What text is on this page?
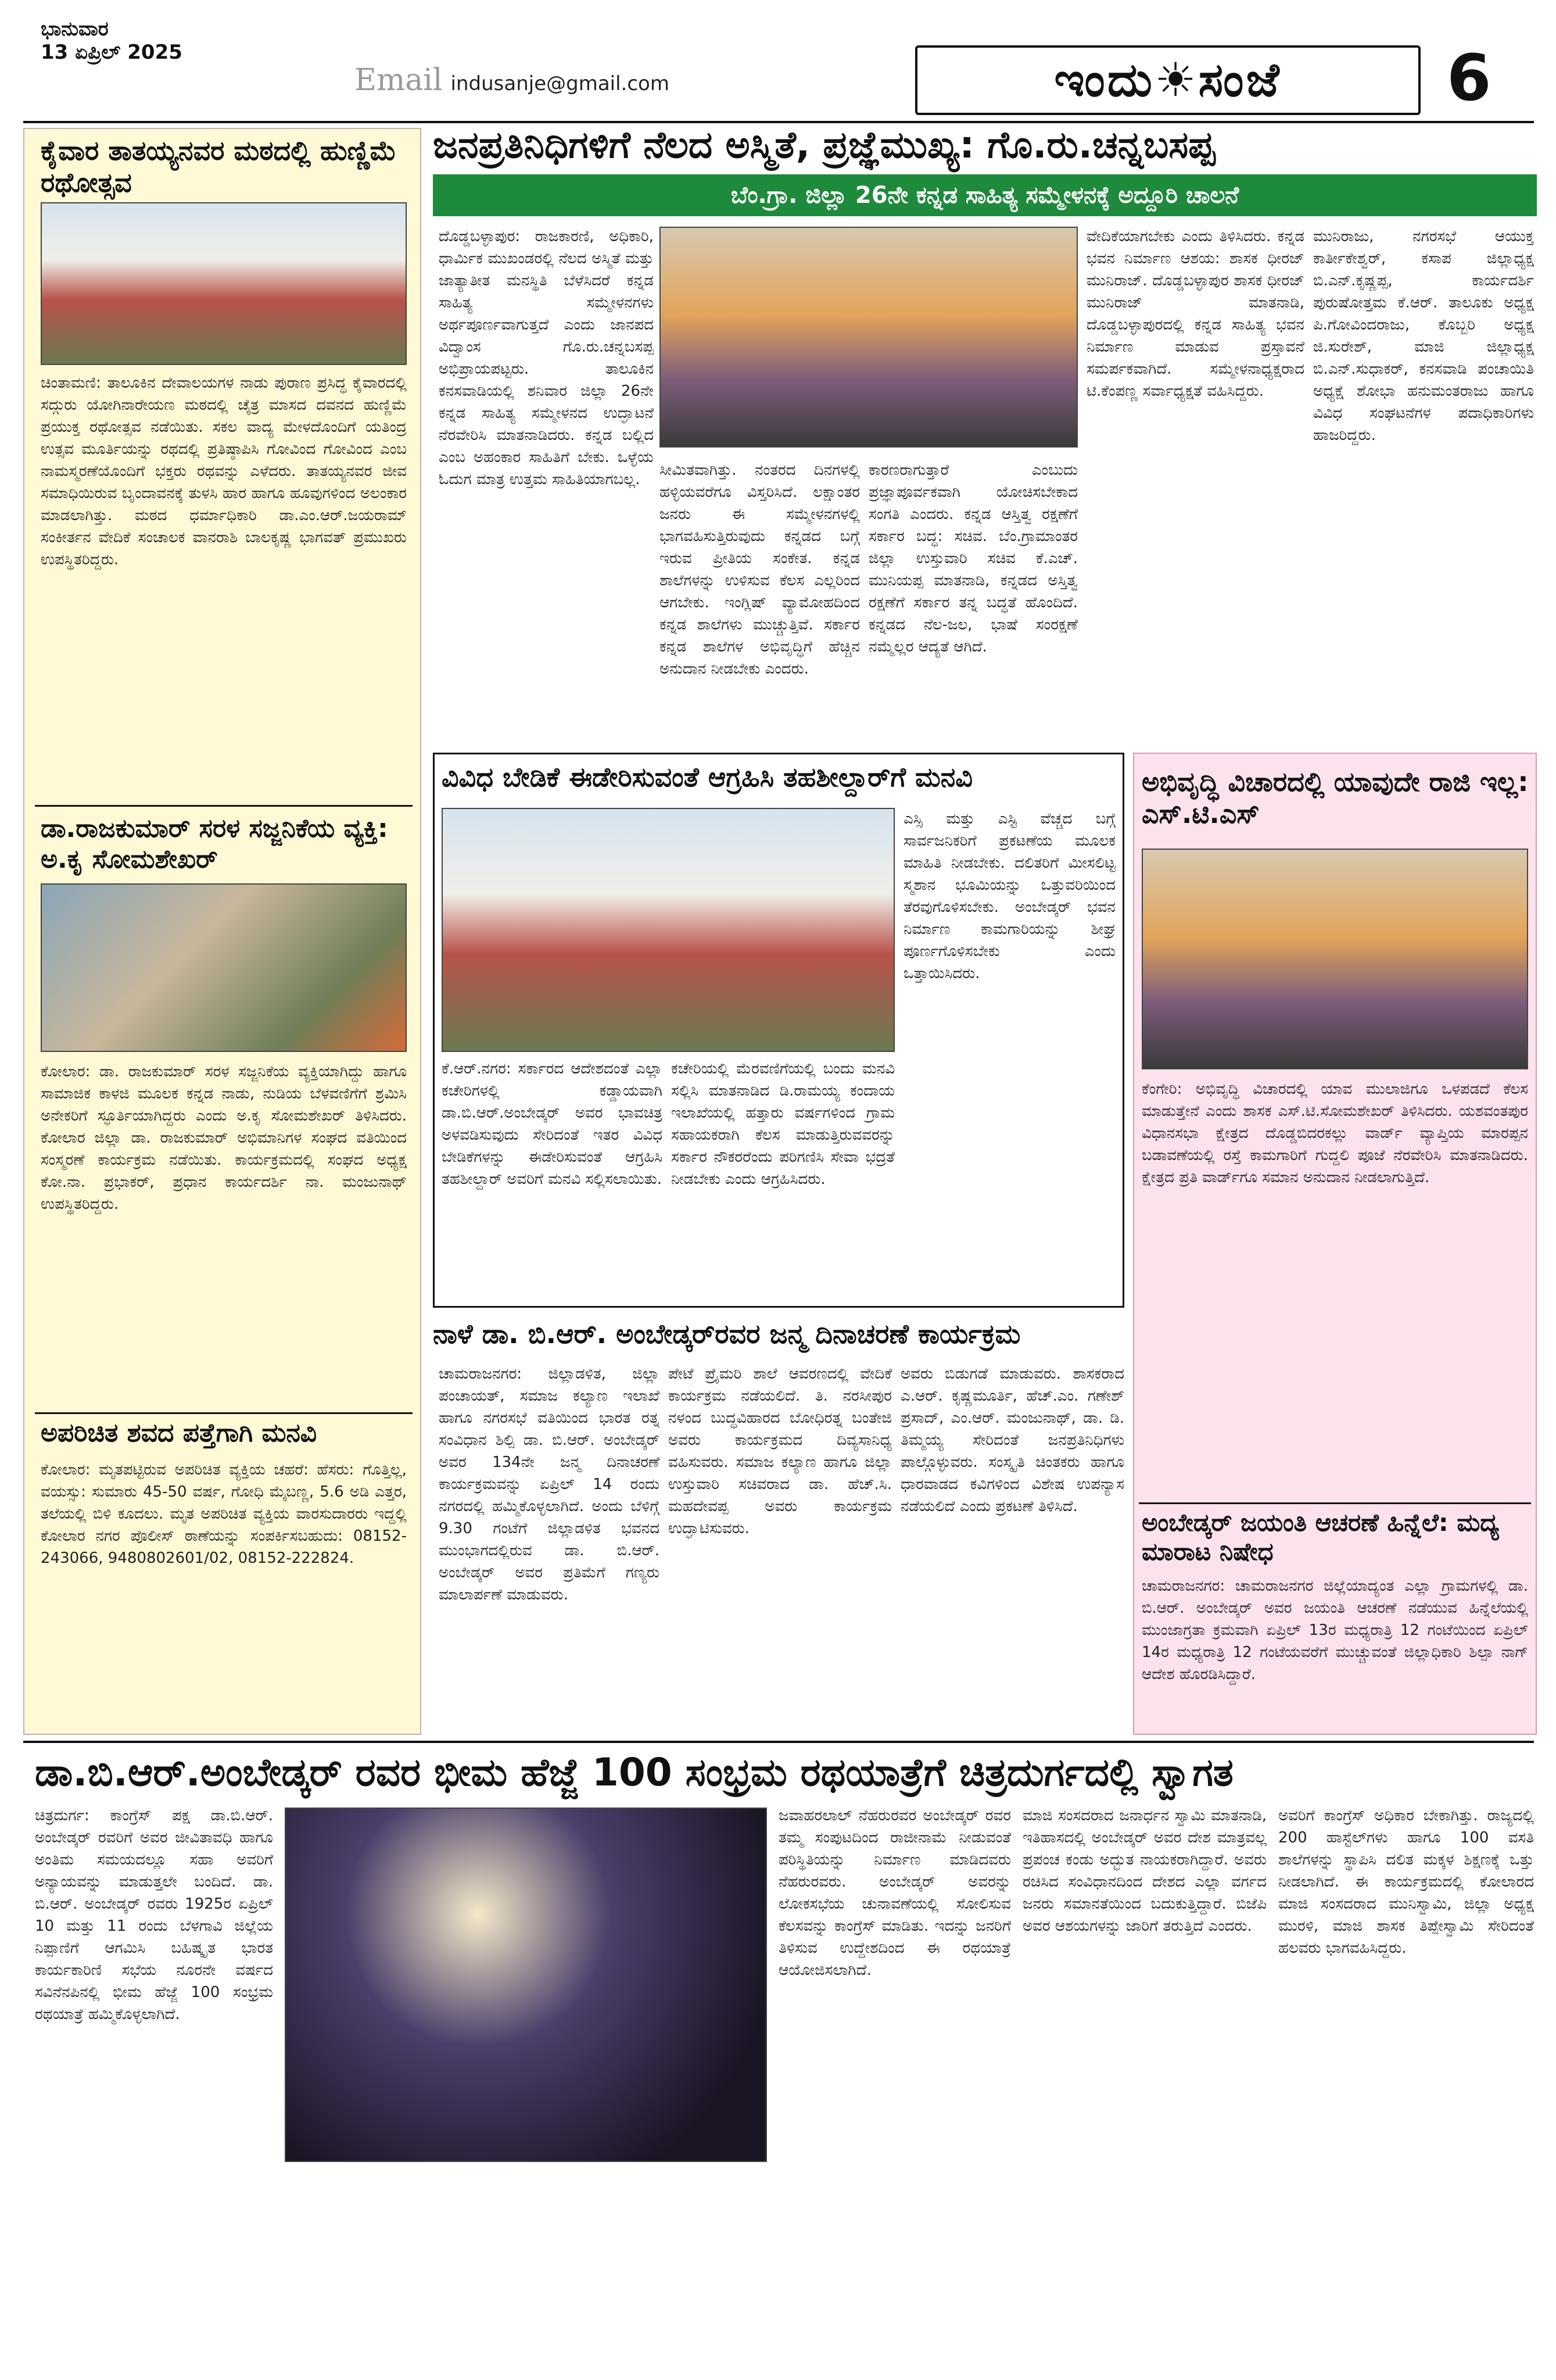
ಭಾನುವಾರ
13 ಏಪ್ರಿಲ್ 2025
Email indusanje@gmail.com	ಇಂದು☀ಸಂಜೆ	6
ಕೈವಾರ ತಾತಯ್ಯನವರ ಮಠದಲ್ಲಿ ಹುಣ್ಣಿಮೆ ರಥೋತ್ಸವ
ಚಿಂತಾಮಣಿ: ತಾಲೂಕಿನ ದೇವಾಲಯಗಳ ನಾಡು ಪುರಾಣ ಪ್ರಸಿದ್ಧ ಕೈವಾರದಲ್ಲಿ ಸದ್ಗುರು ಯೋಗಿನಾರೇಯಣ ಮಠದಲ್ಲಿ ಚೈತ್ರ ಮಾಸದ ದವನದ ಹುಣ್ಣಿಮೆ ಪ್ರಯುಕ್ತ ರಥೋತ್ಸವ ನಡೆಯಿತು. ಸಕಲ ವಾದ್ಯ ಮೇಳದೊಂದಿಗೆ ಯತಿಂದ್ರ ಉತ್ಸವ ಮೂರ್ತಿಯನ್ನು ರಥದಲ್ಲಿ ಪ್ರತಿಷ್ಠಾಪಿಸಿ ಗೋವಿಂದ ಗೋವಿಂದ ಎಂಬ ನಾಮಸ್ಮರಣೆಯೊಂದಿಗೆ ಭಕ್ತರು ರಥವನ್ನು ಎಳೆದರು. ತಾತಯ್ಯನವರ ಜೀವ ಸಮಾಧಿಯಿರುವ ಬೃಂದಾವನಕ್ಕೆ ತುಳಸಿ ಹಾರ ಹಾಗೂ ಹೂವುಗಳಿಂದ ಅಲಂಕಾರ ಮಾಡಲಾಗಿತ್ತು. ಮಠದ ಧರ್ಮಾಧಿಕಾರಿ ಡಾ.ಎಂ.ಆರ್.ಜಯರಾಮ್ ಸಂಕೀರ್ತನ ವೇದಿಕೆ ಸಂಚಾಲಕ ವಾನರಾಶಿ ಬಾಲಕೃಷ್ಣ ಭಾಗವತ್ ಪ್ರಮುಖರು ಉಪಸ್ಥಿತರಿದ್ದರು.
ಡಾ.ರಾಜಕುಮಾರ್ ಸರಳ ಸಜ್ಜನಿಕೆಯ ವ್ಯಕ್ತಿ: ಅ.ಕೃ ಸೋಮಶೇಖರ್
ಕೋಲಾರ: ಡಾ. ರಾಜಕುಮಾರ್ ಸರಳ ಸಜ್ಜನಿಕೆಯ ವ್ಯಕ್ತಿಯಾಗಿದ್ದು ಹಾಗೂ ಸಾಮಾಜಿಕ ಕಾಳಜಿ ಮೂಲಕ ಕನ್ನಡ ನಾಡು, ನುಡಿಯ ಬೆಳವಣಿಗೆಗೆ ಶ್ರಮಿಸಿ ಅನೇಕರಿಗೆ ಸ್ಫೂರ್ತಿಯಾಗಿದ್ದರು ಎಂದು ಅ.ಕೃ ಸೋಮಶೇಖರ್ ತಿಳಿಸಿದರು. ಕೋಲಾರ ಜಿಲ್ಲಾ ಡಾ. ರಾಜಕುಮಾರ್ ಅಭಿಮಾನಿಗಳ ಸಂಘದ ವತಿಯಿಂದ ಸಂಸ್ಮರಣೆ ಕಾರ್ಯಕ್ರಮ ನಡೆಯಿತು. ಕಾರ್ಯಕ್ರಮದಲ್ಲಿ ಸಂಘದ ಅಧ್ಯಕ್ಷ ಕೋ.ನಾ. ಪ್ರಭಾಕರ್, ಪ್ರಧಾನ ಕಾರ್ಯದರ್ಶಿ ನಾ. ಮಂಜುನಾಥ್ ಉಪಸ್ಥಿತರಿದ್ದರು.
ಅಪರಿಚಿತ ಶವದ ಪತ್ತೆಗಾಗಿ ಮನವಿ
ಕೋಲಾರ: ಮೃತಪಟ್ಟಿರುವ ಅಪರಿಚಿತ ವ್ಯಕ್ತಿಯ ಚಹರೆ: ಹೆಸರು: ಗೊತ್ತಿಲ್ಲ, ವಯಸ್ಸು: ಸುಮಾರು 45-50 ವರ್ಷ, ಗೋಧಿ ಮೈಬಣ್ಣ, 5.6 ಅಡಿ ಎತ್ತರ, ತಲೆಯಲ್ಲಿ ಬಿಳಿ ಕೂದಲು. ಮೃತ ಅಪರಿಚಿತ ವ್ಯಕ್ತಿಯ ವಾರಸುದಾರರು ಇದ್ದಲ್ಲಿ ಕೋಲಾರ ನಗರ ಪೊಲೀಸ್ ಠಾಣೆಯನ್ನು ಸಂಪರ್ಕಿಸಬಹುದು: 08152-243066, 9480802601/02, 08152-222824.
ಜನಪ್ರತಿನಿಧಿಗಳಿಗೆ ನೆಲದ ಅಸ್ಮಿತೆ, ಪ್ರಜ್ಞೆಮುಖ್ಯ: ಗೊ.ರು.ಚನ್ನಬಸಪ್ಪ
ಬೆಂ.ಗ್ರಾ. ಜಿಲ್ಲಾ 26ನೇ ಕನ್ನಡ ಸಾಹಿತ್ಯ ಸಮ್ಮೇಳನಕ್ಕೆ ಅದ್ದೂರಿ ಚಾಲನೆ
ದೊಡ್ಡಬಳ್ಳಾಪುರ: ರಾಜಕಾರಣಿ, ಅಧಿಕಾರಿ, ಧಾರ್ಮಿಕ ಮುಖಂಡರಲ್ಲಿ ನೆಲದ ಅಸ್ಮಿತೆ ಮತ್ತು ಜಾತ್ಯಾತೀತ ಮನಸ್ಥಿತಿ ಬೆಳೆಸಿದರೆ ಕನ್ನಡ ಸಾಹಿತ್ಯ ಸಮ್ಮೇಳನಗಳು ಅರ್ಥಪೂರ್ಣವಾಗುತ್ತದೆ ಎಂದು ಜಾನಪದ ವಿದ್ವಾಂಸ ಗೊ.ರು.ಚನ್ನಬಸಪ್ಪ ಅಭಿಪ್ರಾಯಪಟ್ಟರು. ತಾಲೂಕಿನ ಕನಸವಾಡಿಯಲ್ಲಿ ಶನಿವಾರ ಜಿಲ್ಲಾ 26ನೇ ಕನ್ನಡ ಸಾಹಿತ್ಯ ಸಮ್ಮೇಳನದ ಉದ್ಘಾಟನೆ ನೆರವೇರಿಸಿ ಮಾತನಾಡಿದರು. ಕನ್ನಡ ಬಲ್ಲಿದ ಎಂಬ ಅಹಂಕಾರ ಸಾಹಿತಿಗೆ ಬೇಕು. ಒಳ್ಳೆಯ ಓದುಗ ಮಾತ್ರ ಉತ್ತಮ ಸಾಹಿತಿಯಾಗಬಲ್ಲ.
ಸೀಮಿತವಾಗಿತ್ತು. ನಂತರದ ದಿನಗಳಲ್ಲಿ ಹಳ್ಳಿಯವರೆಗೂ ವಿಸ್ತರಿಸಿದೆ. ಲಕ್ಷಾಂತರ ಜನರು ಈ ಸಮ್ಮೇಳನಗಳಲ್ಲಿ ಭಾಗವಹಿಸುತ್ತಿರುವುದು ಕನ್ನಡದ ಬಗ್ಗೆ ಇರುವ ಪ್ರೀತಿಯ ಸಂಕೇತ. ಕನ್ನಡ ಶಾಲೆಗಳನ್ನು ಉಳಿಸುವ ಕೆಲಸ ಎಲ್ಲರಿಂದ ಆಗಬೇಕು. ಇಂಗ್ಲಿಷ್ ವ್ಯಾಮೋಹದಿಂದ ಕನ್ನಡ ಶಾಲೆಗಳು ಮುಚ್ಚುತ್ತಿವೆ. ಸರ್ಕಾರ ಕನ್ನಡ ಶಾಲೆಗಳ ಅಭಿವೃದ್ಧಿಗೆ ಹೆಚ್ಚಿನ ಅನುದಾನ ನೀಡಬೇಕು ಎಂದರು.
ಕಾರಣರಾಗುತ್ತಾರೆ ಎಂಬುದು ಪ್ರಜ್ಞಾಪೂರ್ವಕವಾಗಿ ಯೋಚಿಸಬೇಕಾದ ಸಂಗತಿ ಎಂದರು. ಕನ್ನಡ ಆಸ್ತಿತ್ವ ರಕ್ಷಣೆಗೆ ಸರ್ಕಾರ ಬದ್ಧ: ಸಚಿವ. ಬೆಂ.ಗ್ರಾಮಾಂತರ ಜಿಲ್ಲಾ ಉಸ್ತುವಾರಿ ಸಚಿವ ಕೆ.ಎಚ್. ಮುನಿಯಪ್ಪ ಮಾತನಾಡಿ, ಕನ್ನಡದ ಅಸ್ತಿತ್ವ ರಕ್ಷಣೆಗೆ ಸರ್ಕಾರ ತನ್ನ ಬದ್ಧತೆ ಹೊಂದಿದೆ. ಕನ್ನಡದ ನೆಲ-ಜಲ, ಭಾಷೆ ಸಂರಕ್ಷಣೆ ನಮ್ಮೆಲ್ಲರ ಆದ್ಯತೆ ಆಗಿದೆ.
ವೇದಿಕೆಯಾಗಬೇಕು ಎಂದು ತಿಳಿಸಿದರು. ಕನ್ನಡ ಭವನ ನಿರ್ಮಾಣ ಆಶಯ: ಶಾಸಕ ಧೀರಜ್ ಮುನಿರಾಜ್. ದೊಡ್ಡಬಳ್ಳಾಪುರ ಶಾಸಕ ಧೀರಜ್ ಮುನಿರಾಜ್ ಮಾತನಾಡಿ, ದೊಡ್ಡಬಳ್ಳಾಪುರದಲ್ಲಿ ಕನ್ನಡ ಸಾಹಿತ್ಯ ಭವನ ನಿರ್ಮಾಣ ಮಾಡುವ ಪ್ರಸ್ತಾವನೆ ಸಮರ್ಪಕವಾಗಿದೆ. ಸಮ್ಮೇಳನಾಧ್ಯಕ್ಷರಾದ ಟಿ.ಕೆಂಪಣ್ಣ ಸರ್ವಾಧ್ಯಕ್ಷತೆ ವಹಿಸಿದ್ದರು.
ಮುನಿರಾಜು, ನಗರಸಭೆ ಆಯುಕ್ತ ಕಾರ್ತೀಕೇಶ್ವರ್, ಕಸಾಪ ಜಿಲ್ಲಾಧ್ಯಕ್ಷ ಬಿ.ಎನ್.ಕೃಷ್ಣಪ್ಪ, ಕಾರ್ಯದರ್ಶಿ ಪುರುಷೋತ್ತಮ ಕೆ.ಆರ್. ತಾಲೂಕು ಅಧ್ಯಕ್ಷ ಪಿ.ಗೋವಿಂದರಾಜು, ಕೊಬ್ಬರಿ ಅಧ್ಯಕ್ಷ ಜಿ.ಸುರೇಶ್, ಮಾಜಿ ಜಿಲ್ಲಾಧ್ಯಕ್ಷ ಬಿ.ಎನ್.ಸುಧಾಕರ್, ಕನಸವಾಡಿ ಪಂಚಾಯಿತಿ ಅಧ್ಯಕ್ಷೆ ಶೋಭಾ ಹನುಮಂತರಾಜು ಹಾಗೂ ವಿವಿಧ ಸಂಘಟನೆಗಳ ಪದಾಧಿಕಾರಿಗಳು ಹಾಜರಿದ್ದರು.
ವಿವಿಧ ಬೇಡಿಕೆ ಈಡೇರಿಸುವಂತೆ ಆಗ್ರಹಿಸಿ ತಹಶೀಲ್ದಾರ್‌ಗೆ ಮನವಿ
ಕೆ.ಆರ್.ನಗರ: ಸರ್ಕಾರದ ಆದೇಶದಂತೆ ಎಲ್ಲಾ ಕಚೇರಿಗಳಲ್ಲಿ ಕಡ್ಡಾಯವಾಗಿ ಡಾ.ಬಿ.ಆರ್.ಅಂಬೇಡ್ಕರ್ ಅವರ ಭಾವಚಿತ್ರ ಅಳವಡಿಸುವುದು ಸೇರಿದಂತೆ ಇತರ ವಿವಿಧ ಬೇಡಿಕೆಗಳನ್ನು ಈಡೇರಿಸುವಂತೆ ಆಗ್ರಹಿಸಿ ತಹಶೀಲ್ದಾರ್ ಅವರಿಗೆ ಮನವಿ ಸಲ್ಲಿಸಲಾಯಿತು.
ಕಚೇರಿಯಲ್ಲಿ ಮೆರವಣಿಗೆಯಲ್ಲಿ ಬಂದು ಮನವಿ ಸಲ್ಲಿಸಿ ಮಾತನಾಡಿದ ಡಿ.ರಾಮಯ್ಯ ಕಂದಾಯ ಇಲಾಖೆಯಲ್ಲಿ ಹತ್ತಾರು ವರ್ಷಗಳಿಂದ ಗ್ರಾಮ ಸಹಾಯಕರಾಗಿ ಕೆಲಸ ಮಾಡುತ್ತಿರುವವರನ್ನು ಸರ್ಕಾರ ನೌಕರರೆಂದು ಪರಿಗಣಿಸಿ ಸೇವಾ ಭದ್ರತೆ ನೀಡಬೇಕು ಎಂದು ಆಗ್ರಹಿಸಿದರು.
ಎಸ್ಸಿ ಮತ್ತು ಎಸ್ಟಿ ವೆಚ್ಚದ ಬಗ್ಗೆ ಸಾರ್ವಜನಿಕರಿಗೆ ಪ್ರಕಟಣೆಯ ಮೂಲಕ ಮಾಹಿತಿ ನೀಡಬೇಕು. ದಲಿತರಿಗೆ ಮೀಸಲಿಟ್ಟ ಸ್ಮಶಾನ ಭೂಮಿಯನ್ನು ಒತ್ತುವರಿಯಿಂದ ತೆರವುಗೊಳಿಸಬೇಕು. ಅಂಬೇಡ್ಕರ್ ಭವನ ನಿರ್ಮಾಣ ಕಾಮಗಾರಿಯನ್ನು ಶೀಘ್ರ ಪೂರ್ಣಗೊಳಿಸಬೇಕು ಎಂದು ಒತ್ತಾಯಿಸಿದರು.
ಅಭಿವೃದ್ಧಿ ವಿಚಾರದಲ್ಲಿ ಯಾವುದೇ ರಾಜಿ ಇಲ್ಲ: ಎಸ್.ಟಿ.ಎಸ್
ಕೆಂಗೇರಿ: ಅಭಿವೃದ್ಧಿ ವಿಚಾರದಲ್ಲಿ ಯಾವ ಮುಲಾಜಿಗೂ ಒಳಪಡದೆ ಕೆಲಸ ಮಾಡುತ್ತೇನೆ ಎಂದು ಶಾಸಕ ಎಸ್.ಟಿ.ಸೋಮಶೇಖರ್ ತಿಳಿಸಿದರು. ಯಶವಂತಪುರ ವಿಧಾನಸಭಾ ಕ್ಷೇತ್ರದ ದೊಡ್ಡಬಿದರಕಲ್ಲು ವಾರ್ಡ್ ವ್ಯಾಪ್ತಿಯ ಮಾರಪ್ಪನ ಬಡಾವಣೆಯಲ್ಲಿ ರಸ್ತೆ ಕಾಮಗಾರಿಗೆ ಗುದ್ದಲಿ ಪೂಜೆ ನೆರವೇರಿಸಿ ಮಾತನಾಡಿದರು. ಕ್ಷೇತ್ರದ ಪ್ರತಿ ವಾರ್ಡ್‌ಗೂ ಸಮಾನ ಅನುದಾನ ನೀಡಲಾಗುತ್ತಿದೆ.
ಅಂಬೇಡ್ಕರ್ ಜಯಂತಿ ಆಚರಣೆ ಹಿನ್ನೆಲೆ: ಮದ್ಯ ಮಾರಾಟ ನಿಷೇಧ
ಚಾಮರಾಜನಗರ: ಚಾಮರಾಜನಗರ ಜಿಲ್ಲೆಯಾದ್ಯಂತ ಎಲ್ಲಾ ಗ್ರಾಮಗಳಲ್ಲಿ ಡಾ. ಬಿ.ಆರ್. ಅಂಬೇಡ್ಕರ್ ಅವರ ಜಯಂತಿ ಆಚರಣೆ ನಡೆಯುವ ಹಿನ್ನೆಲೆಯಲ್ಲಿ ಮುಂಜಾಗ್ರತಾ ಕ್ರಮವಾಗಿ ಏಪ್ರಿಲ್ 13ರ ಮಧ್ಯರಾತ್ರಿ 12 ಗಂಟೆಯಿಂದ ಏಪ್ರಿಲ್ 14ರ ಮಧ್ಯರಾತ್ರಿ 12 ಗಂಟೆಯವರೆಗೆ ಮುಚ್ಚುವಂತೆ ಜಿಲ್ಲಾಧಿಕಾರಿ ಶಿಲ್ಪಾ ನಾಗ್ ಆದೇಶ ಹೊರಡಿಸಿದ್ದಾರೆ.
ನಾಳೆ ಡಾ. ಬಿ.ಆರ್. ಅಂಬೇಡ್ಕರ್‌ರವರ ಜನ್ಮ ದಿನಾಚರಣೆ ಕಾರ್ಯಕ್ರಮ
ಚಾಮರಾಜನಗರ: ಜಿಲ್ಲಾಡಳಿತ, ಜಿಲ್ಲಾ ಪಂಚಾಯತ್, ಸಮಾಜ ಕಲ್ಯಾಣ ಇಲಾಖೆ ಹಾಗೂ ನಗರಸಭೆ ವತಿಯಿಂದ ಭಾರತ ರತ್ನ ಸಂವಿಧಾನ ಶಿಲ್ಪಿ ಡಾ. ಬಿ.ಆರ್. ಅಂಬೇಡ್ಕರ್ ಅವರ 134ನೇ ಜನ್ಮ ದಿನಾಚರಣೆ ಕಾರ್ಯಕ್ರಮವನ್ನು ಏಪ್ರಿಲ್ 14 ರಂದು ನಗರದಲ್ಲಿ ಹಮ್ಮಿಕೊಳ್ಳಲಾಗಿದೆ. ಅಂದು ಬೆಳಿಗ್ಗೆ 9.30 ಗಂಟೆಗೆ ಜಿಲ್ಲಾಡಳಿತ ಭವನದ ಮುಂಭಾಗದಲ್ಲಿರುವ ಡಾ. ಬಿ.ಆರ್. ಅಂಬೇಡ್ಕರ್ ಅವರ ಪ್ರತಿಮೆಗೆ ಗಣ್ಯರು ಮಾಲಾರ್ಪಣೆ ಮಾಡುವರು.
ಪೇಟೆ ಪ್ರೈಮರಿ ಶಾಲೆ ಆವರಣದಲ್ಲಿ ವೇದಿಕೆ ಕಾರ್ಯಕ್ರಮ ನಡೆಯಲಿದೆ. ತಿ. ನರಸೀಪುರ ನಳಂದ ಬುದ್ಧವಿಹಾರದ ಬೋಧಿರತ್ನ ಬಂತೇಜಿ ಅವರು ಕಾರ್ಯಕ್ರಮದ ದಿವ್ಯಸಾನಿಧ್ಯ ವಹಿಸುವರು. ಸಮಾಜ ಕಲ್ಯಾಣ ಹಾಗೂ ಜಿಲ್ಲಾ ಉಸ್ತುವಾರಿ ಸಚಿವರಾದ ಡಾ. ಹೆಚ್.ಸಿ. ಮಹದೇವಪ್ಪ ಅವರು ಕಾರ್ಯಕ್ರಮ ಉದ್ಘಾಟಿಸುವರು.
ಅವರು ಬಿಡುಗಡೆ ಮಾಡುವರು. ಶಾಸಕರಾದ ಎ.ಆರ್. ಕೃಷ್ಣಮೂರ್ತಿ, ಹೆಚ್.ಎಂ. ಗಣೇಶ್ ಪ್ರಸಾದ್, ಎಂ.ಆರ್. ಮಂಜುನಾಥ್, ಡಾ. ಡಿ. ತಿಮ್ಮಯ್ಯ ಸೇರಿದಂತೆ ಜನಪ್ರತಿನಿಧಿಗಳು ಪಾಲ್ಗೊಳ್ಳುವರು. ಸಂಸ್ಕೃತಿ ಚಿಂತಕರು ಹಾಗೂ ಧಾರವಾಡದ ಕವಿಗಳಿಂದ ವಿಶೇಷ ಉಪನ್ಯಾಸ ನಡೆಯಲಿದೆ ಎಂದು ಪ್ರಕಟಣೆ ತಿಳಿಸಿದೆ.
ಡಾ.ಬಿ.ಆರ್.ಅಂಬೇಡ್ಕರ್ ರವರ ಭೀಮ ಹೆಜ್ಜೆ 100 ಸಂಭ್ರಮ ರಥಯಾತ್ರೆಗೆ ಚಿತ್ರದುರ್ಗದಲ್ಲಿ ಸ್ವಾಗತ
ಚಿತ್ರದುರ್ಗ: ಕಾಂಗ್ರೆಸ್ ಪಕ್ಷ ಡಾ.ಬಿ.ಆರ್. ಅಂಬೇಡ್ಕರ್ ರವರಿಗೆ ಅವರ ಜೀವಿತಾವಧಿ ಹಾಗೂ ಅಂತಿಮ ಸಮಯದಲ್ಲೂ ಸಹಾ ಅವರಿಗೆ ಅನ್ಯಾಯವನ್ನು ಮಾಡುತ್ತಲೇ ಬಂದಿದೆ. ಡಾ. ಬಿ.ಆರ್. ಅಂಬೇಡ್ಕರ್ ರವರು 1925ರ ಏಪ್ರಿಲ್ 10 ಮತ್ತು 11 ರಂದು ಬೆಳಗಾವಿ ಜಿಲ್ಲೆಯ ನಿಪ್ಪಾಣಿಗೆ ಆಗಮಿಸಿ ಬಹಿಷ್ಕೃತ ಭಾರತ ಕಾರ್ಯಕಾರಿಣಿ ಸಭೆಯ ನೂರನೇ ವರ್ಷದ ಸವಿನೆನಪಿನಲ್ಲಿ ಭೀಮ ಹೆಜ್ಜೆ 100 ಸಂಭ್ರಮ ರಥಯಾತ್ರೆ ಹಮ್ಮಿಕೊಳ್ಳಲಾಗಿದೆ.
ಜವಾಹರಲಾಲ್ ನೆಹರುರವರ ಅಂಬೇಡ್ಕರ್ ರವರ ತಮ್ಮ ಸಂಪುಟದಿಂದ ರಾಜೀನಾಮೆ ನೀಡುವಂತೆ ಪರಿಸ್ಥಿತಿಯನ್ನು ನಿರ್ಮಾಣ ಮಾಡಿದವರು ನೆಹರುರವರು. ಅಂಬೇಡ್ಕರ್ ಅವರನ್ನು ಲೋಕಸಭೆಯ ಚುನಾವಣೆಯಲ್ಲಿ ಸೋಲಿಸುವ ಕೆಲಸವನ್ನು ಕಾಂಗ್ರೆಸ್ ಮಾಡಿತು. ಇದನ್ನು ಜನರಿಗೆ ತಿಳಿಸುವ ಉದ್ದೇಶದಿಂದ ಈ ರಥಯಾತ್ರೆ ಆಯೋಜಿಸಲಾಗಿದೆ.
ಮಾಜಿ ಸಂಸದರಾದ ಜನಾರ್ಧನ ಸ್ವಾಮಿ ಮಾತನಾಡಿ, ಇತಿಹಾಸದಲ್ಲಿ ಅಂಬೇಡ್ಕರ್ ಅವರ ದೇಶ ಮಾತ್ರವಲ್ಲ ಪ್ರಪಂಚ ಕಂಡು ಅದ್ಭುತ ನಾಯಕರಾಗಿದ್ದಾರೆ. ಅವರು ರಚಿಸಿದ ಸಂವಿಧಾನದಿಂದ ದೇಶದ ಎಲ್ಲಾ ವರ್ಗದ ಜನರು ಸಮಾನತೆಯಿಂದ ಬದುಕುತ್ತಿದ್ದಾರೆ. ಬಿಜೆಪಿ ಅವರ ಆಶಯಗಳನ್ನು ಜಾರಿಗೆ ತರುತ್ತಿದೆ ಎಂದರು.
ಅವರಿಗೆ ಕಾಂಗ್ರೆಸ್ ಅಧಿಕಾರ ಬೇಕಾಗಿತ್ತು. ರಾಜ್ಯದಲ್ಲಿ 200 ಹಾಸ್ಟೆಲ್‌ಗಳು ಹಾಗೂ 100 ವಸತಿ ಶಾಲೆಗಳನ್ನು ಸ್ಥಾಪಿಸಿ ದಲಿತ ಮಕ್ಕಳ ಶಿಕ್ಷಣಕ್ಕೆ ಒತ್ತು ನೀಡಲಾಗಿದೆ. ಈ ಕಾರ್ಯಕ್ರಮದಲ್ಲಿ ಕೋಲಾರದ ಮಾಜಿ ಸಂಸದರಾದ ಮುನಿಸ್ವಾಮಿ, ಜಿಲ್ಲಾ ಅಧ್ಯಕ್ಷ ಮುರಳಿ, ಮಾಜಿ ಶಾಸಕ ತಿಪ್ಪೇಸ್ವಾಮಿ ಸೇರಿದಂತೆ ಹಲವರು ಭಾಗವಹಿಸಿದ್ದರು.
